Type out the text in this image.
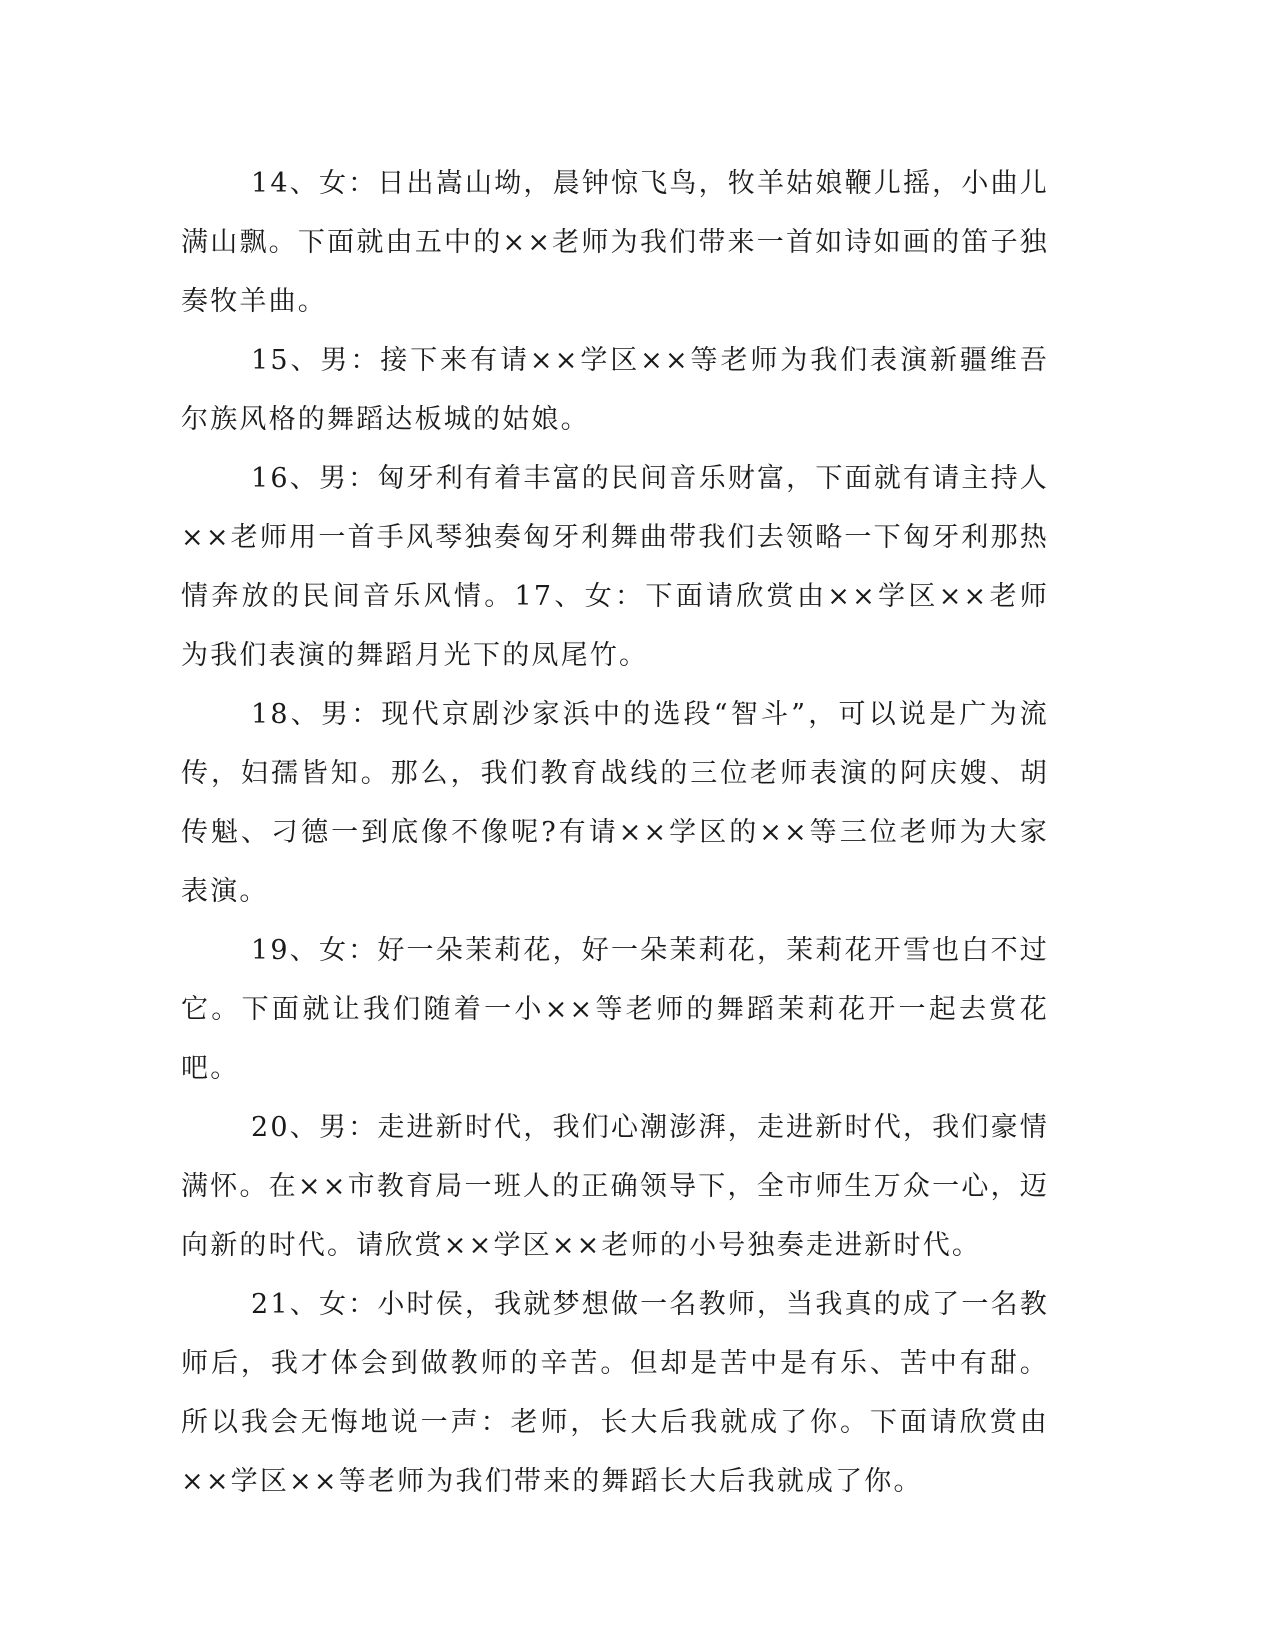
14、女：日出嵩山坳，晨钟惊飞鸟，牧羊姑娘鞭儿摇，小曲儿满山飘。下面就由五中的××老师为我们带来一首如诗如画的笛子独奏牧羊曲。

15、男：接下来有请××学区××等老师为我们表演新疆维吾尔族风格的舞蹈达板城的姑娘。

16、男：匈牙利有着丰富的民间音乐财富，下面就有请主持人××老师用一首手风琴独奏匈牙利舞曲带我们去领略一下匈牙利那热情奔放的民间音乐风情。17、女：下面请欣赏由××学区××老师为我们表演的舞蹈月光下的凤尾竹。

18、男：现代京剧沙家浜中的选段“智斗”，可以说是广为流传，妇孺皆知。那么，我们教育战线的三位老师表演的阿庆嫂、胡传魁、刁德一到底像不像呢?有请××学区的××等三位老师为大家表演。

19、女：好一朵茉莉花，好一朵茉莉花，茉莉花开雪也白不过它。下面就让我们随着一小××等老师的舞蹈茉莉花开一起去赏花吧。

20、男：走进新时代，我们心潮澎湃，走进新时代，我们豪情满怀。在××市教育局一班人的正确领导下，全市师生万众一心，迈向新的时代。请欣赏××学区××老师的小号独奏走进新时代。

21、女：小时侯，我就梦想做一名教师，当我真的成了一名教师后，我才体会到做教师的辛苦。但却是苦中是有乐、苦中有甜。所以我会无悔地说一声：老师，长大后我就成了你。下面请欣赏由××学区××等老师为我们带来的舞蹈长大后我就成了你。
